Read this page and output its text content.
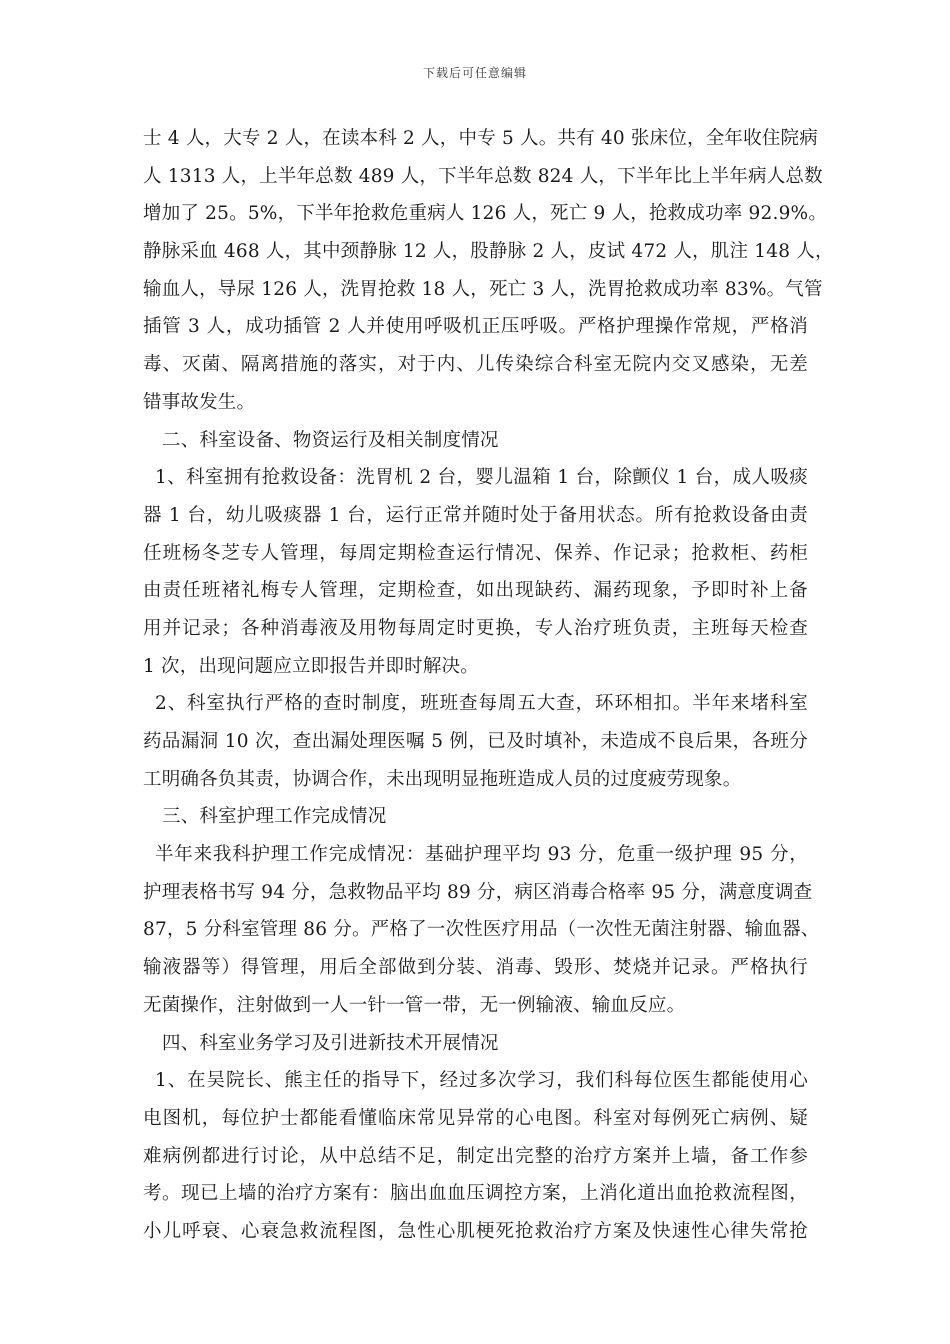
下载后可任意编辑
士 4 人，大专 2 人，在读本科 2 人，中专 5 人。共有 40 张床位，全年收住院病
人 1313 人，上半年总数 489 人，下半年总数 824 人，下半年比上半年病人总数
增加了 25。5%，下半年抢救危重病人 126 人，死亡 9 人，抢救成功率 92.9%。
静脉采血 468 人，其中颈静脉 12 人，股静脉 2 人，皮试 472 人，肌注 148 人，
输血人，导尿 126 人，洗胃抢救 18 人，死亡 3 人，洗胃抢救成功率 83%。气管
插管 3 人，成功插管 2 人并使用呼吸机正压呼吸。严格护理操作常规，严格消
毒、灭菌、隔离措施的落实，对于内、儿传染综合科室无院内交叉感染，无差
错事故发生。
二、科室设备、物资运行及相关制度情况
1、科室拥有抢救设备：洗胃机 2 台，婴儿温箱 1 台，除颤仪 1 台，成人吸痰
器 1 台，幼儿吸痰器 1 台，运行正常并随时处于备用状态。所有抢救设备由责
任班杨冬芝专人管理，每周定期检查运行情况、保养、作记录；抢救柜、药柜
由责任班褚礼梅专人管理，定期检查，如出现缺药、漏药现象，予即时补上备
用并记录；各种消毒液及用物每周定时更换，专人治疗班负责，主班每天检查
1 次，出现问题应立即报告并即时解决。
2、科室执行严格的查时制度，班班查每周五大查，环环相扣。半年来堵科室
药品漏洞 10 次，查出漏处理医嘱 5 例，已及时填补，未造成不良后果，各班分
工明确各负其责，协调合作，未出现明显拖班造成人员的过度疲劳现象。
三、科室护理工作完成情况
半年来我科护理工作完成情况：基础护理平均 93 分，危重一级护理 95 分，
护理表格书写 94 分，急救物品平均 89 分，病区消毒合格率 95 分，满意度调查
87，5 分科室管理 86 分。严格了一次性医疗用品（一次性无菌注射器、输血器、
输液器等）得管理，用后全部做到分装、消毒、毁形、焚烧并记录。严格执行
无菌操作，注射做到一人一针一管一带，无一例输液、输血反应。
四、科室业务学习及引进新技术开展情况
1、在吴院长、熊主任的指导下，经过多次学习，我们科每位医生都能使用心
电图机，每位护士都能看懂临床常见异常的心电图。科室对每例死亡病例、疑
难病例都进行讨论，从中总结不足，制定出完整的治疗方案并上墙，备工作参
考。现已上墙的治疗方案有：脑出血血压调控方案，上消化道出血抢救流程图，
小儿呼衰、心衰急救流程图，急性心肌梗死抢救治疗方案及快速性心律失常抢
